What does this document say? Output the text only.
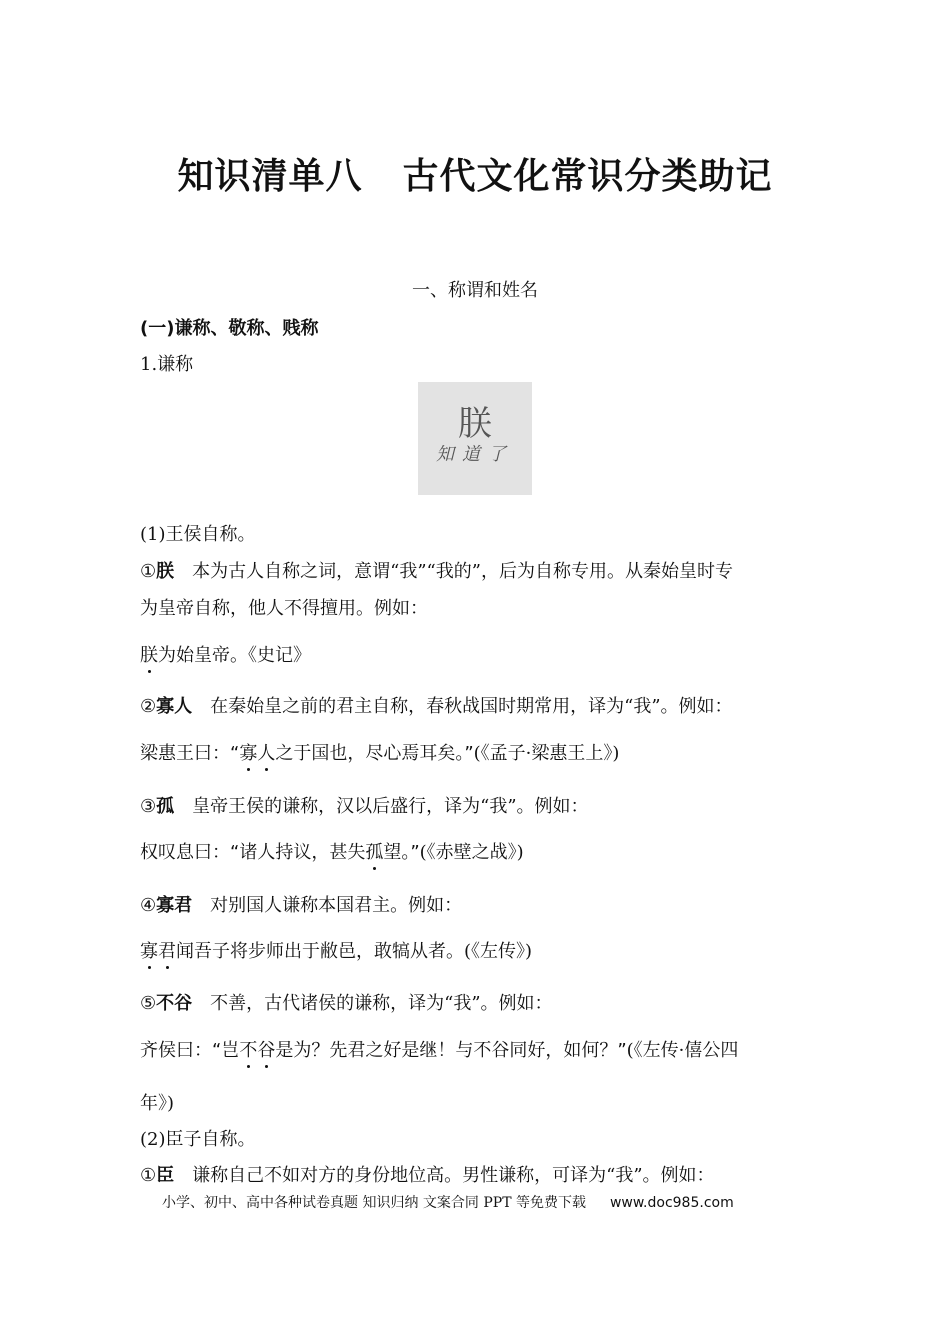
知识清单八 古代文化常识分类助记
一、称谓和姓名
(一)谦称、敬称、贱称
1.谦称
朕
知道了
(1)王侯自称。
①朕　本为古人自称之词，意谓“我”“我的”，后为自称专用。从秦始皇时专
为皇帝自称，他人不得擅用。例如：
朕为始皇帝。《史记》
②寡人　在秦始皇之前的君主自称，春秋战国时期常用，译为“我”。例如：
梁惠王曰：“寡人之于国也，尽心焉耳矣。”(《孟子·梁惠王上》)
③孤　皇帝王侯的谦称，汉以后盛行，译为“我”。例如：
权叹息曰：“诸人持议，甚失孤望。”(《赤壁之战》)
④寡君　对别国人谦称本国君主。例如：
寡君闻吾子将步师出于敝邑，敢犒从者。(《左传》)
⑤不谷　不善，古代诸侯的谦称，译为“我”。例如：
齐侯曰：“岂不谷是为？先君之好是继！与不谷同好，如何？”(《左传·僖公四
年》)
(2)臣子自称。
①臣　谦称自己不如对方的身份地位高。男性谦称，可译为“我”。例如：
小学、初中、高中各种试卷真题 知识归纳 文案合同 PPT 等免费下载 www.doc985.com
